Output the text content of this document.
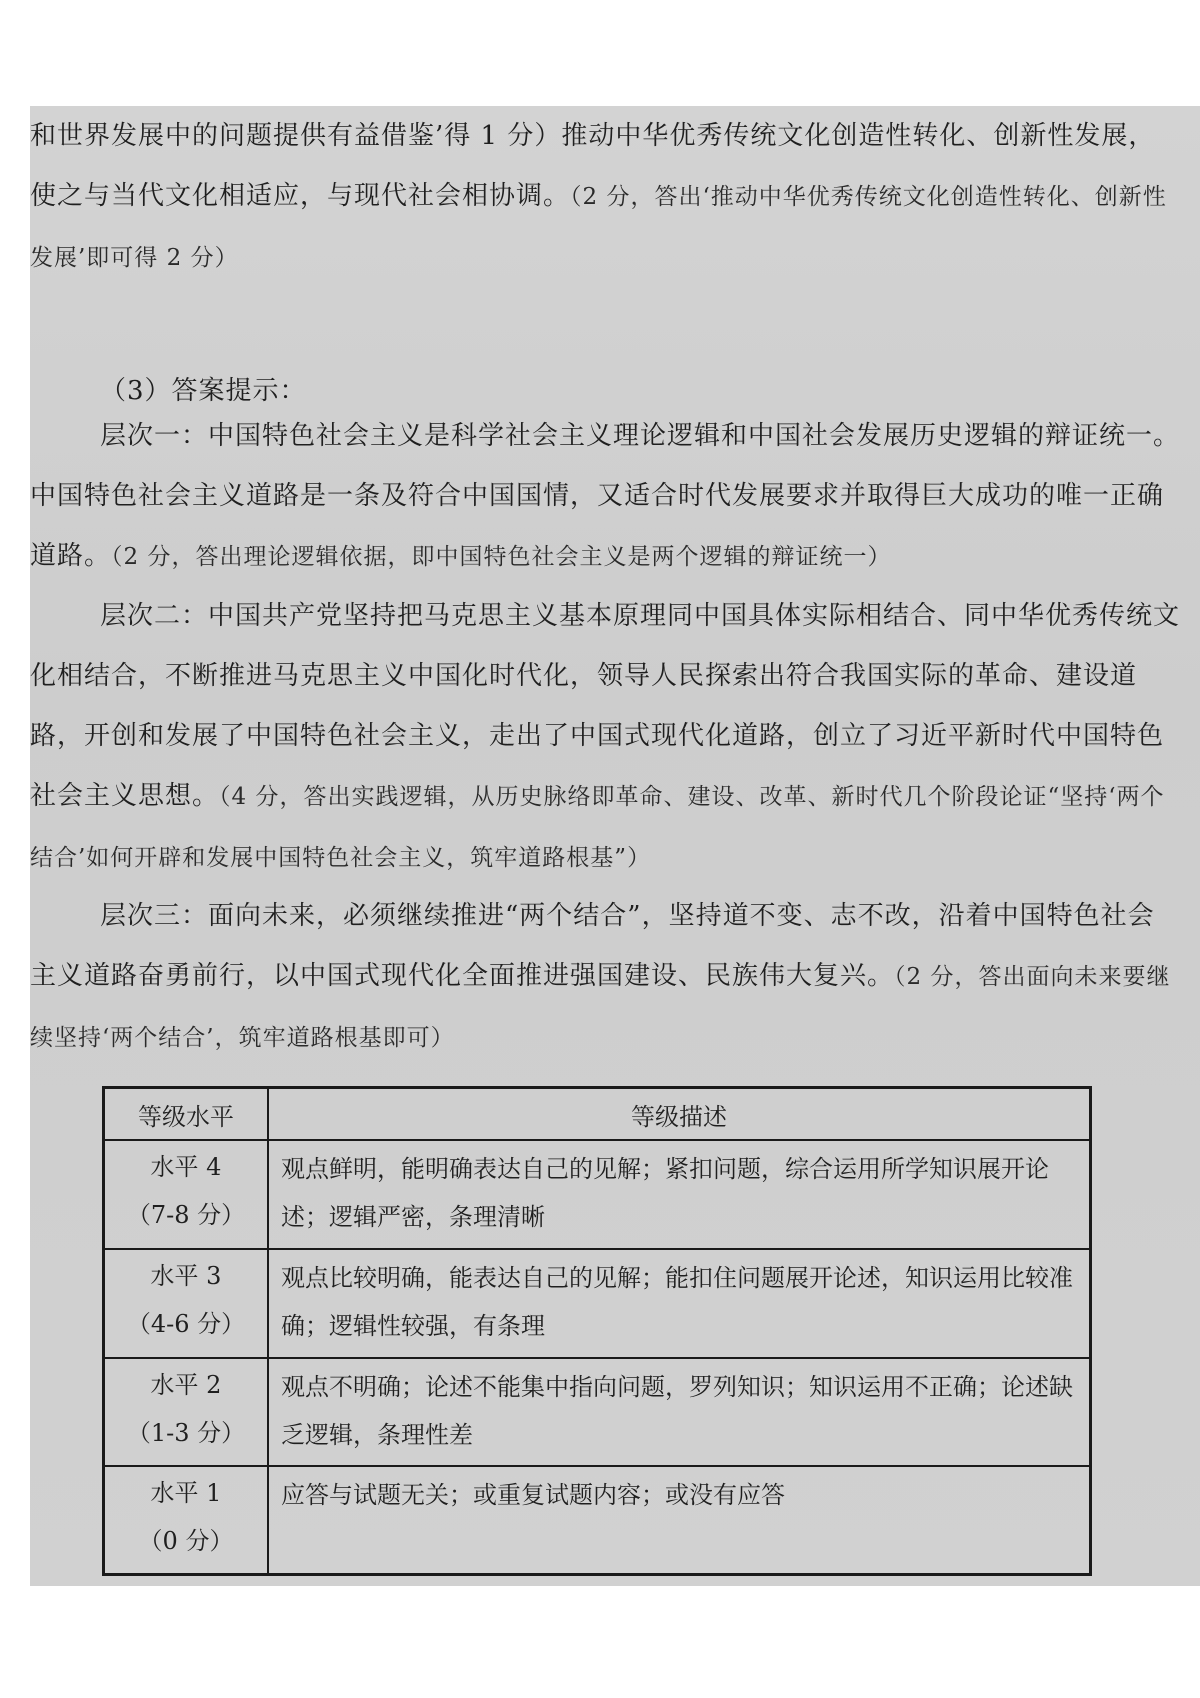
和世界发展中的问题提供有益借鉴’得 1 分）推动中华优秀传统文化创造性转化、创新性发展，使之与当代文化相适应，与现代社会相协调。（2 分，答出‘推动中华优秀传统文化创造性转化、创新性发展’即可得 2 分）

（3）答案提示：

层次一：中国特色社会主义是科学社会主义理论逻辑和中国社会发展历史逻辑的辩证统一。中国特色社会主义道路是一条及符合中国国情，又适合时代发展要求并取得巨大成功的唯一正确道路。（2 分，答出理论逻辑依据，即中国特色社会主义是两个逻辑的辩证统一）

层次二：中国共产党坚持把马克思主义基本原理同中国具体实际相结合、同中华优秀传统文化相结合，不断推进马克思主义中国化时代化，领导人民探索出符合我国实际的革命、建设道路，开创和发展了中国特色社会主义，走出了中国式现代化道路，创立了习近平新时代中国特色社会主义思想。（4 分，答出实践逻辑，从历史脉络即革命、建设、改革、新时代几个阶段论证“坚持‘两个结合’如何开辟和发展中国特色社会主义，筑牢道路根基”）

层次三：面向未来，必须继续推进“两个结合”，坚持道不变、志不改，沿着中国特色社会主义道路奋勇前行，以中国式现代化全面推进强国建设、民族伟大复兴。（2 分，答出面向未来要继续坚持‘两个结合’，筑牢道路根基即可）

等级水平	等级描述

水平 4
（7-8 分）	观点鲜明，能明确表达自己的见解；紧扣问题，综合运用所学知识展开论述；逻辑严密，条理清晰

水平 3
（4-6 分）	观点比较明确，能表达自己的见解；能扣住问题展开论述，知识运用比较准确；逻辑性较强，有条理

水平 2
（1-3 分）	观点不明确；论述不能集中指向问题，罗列知识；知识运用不正确；论述缺乏逻辑，条理性差

水平 1
（0 分）	应答与试题无关；或重复试题内容；或没有应答
